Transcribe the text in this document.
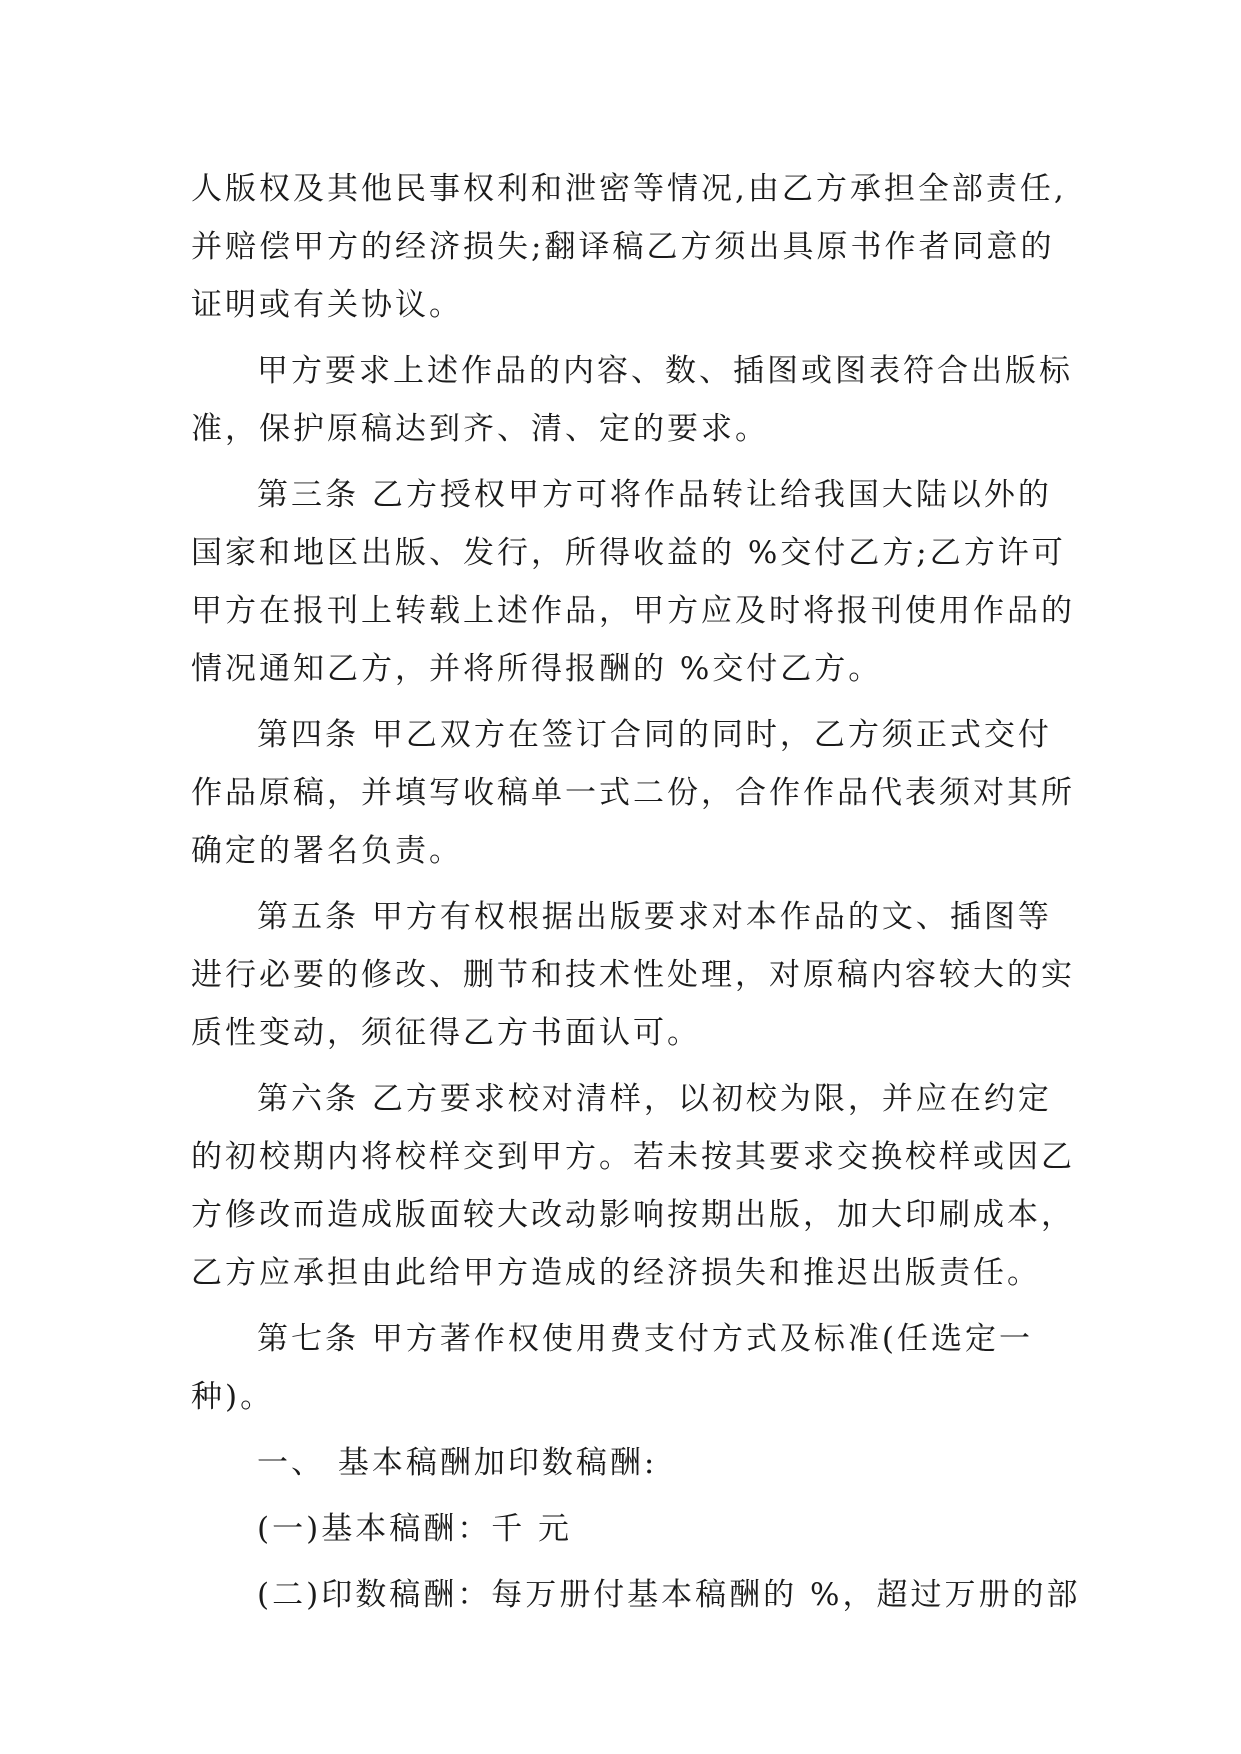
人版权及其他民事权利和泄密等情况,由乙方承担全部责任,
并赔偿甲方的经济损失;翻译稿乙方须出具原书作者同意的
证明或有关协议。
甲方要求上述作品的内容、数、插图或图表符合出版标
准，保护原稿达到齐、清、定的要求。
第三条 乙方授权甲方可将作品转让给我国大陆以外的
国家和地区出版、发行，所得收益的 %交付乙方;乙方许可
甲方在报刊上转载上述作品，甲方应及时将报刊使用作品的
情况通知乙方，并将所得报酬的 %交付乙方。
第四条 甲乙双方在签订合同的同时，乙方须正式交付
作品原稿，并填写收稿单一式二份，合作作品代表须对其所
确定的署名负责。
第五条 甲方有权根据出版要求对本作品的文、插图等
进行必要的修改、删节和技术性处理，对原稿内容较大的实
质性变动，须征得乙方书面认可。
第六条 乙方要求校对清样，以初校为限，并应在约定
的初校期内将校样交到甲方。若未按其要求交换校样或因乙
方修改而造成版面较大改动影响按期出版，加大印刷成本，
乙方应承担由此给甲方造成的经济损失和推迟出版责任。
第七条 甲方著作权使用费支付方式及标准(任选定一
种)。
一、 基本稿酬加印数稿酬:
(一)基本稿酬：千 元
(二)印数稿酬：每万册付基本稿酬的 %，超过万册的部
